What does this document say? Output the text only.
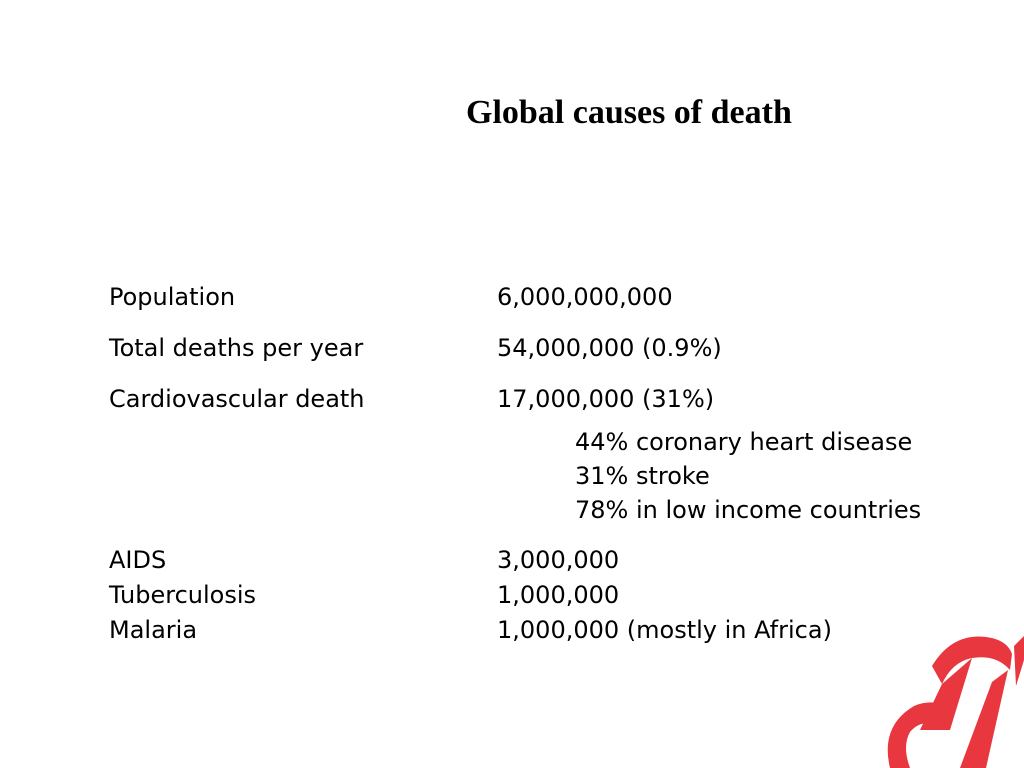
Global causes of death
Population	6,000,000,000
Total deaths per year	54,000,000 (0.9%)
Cardiovascular death	17,000,000 (31%)
44% coronary heart disease
31% stroke
78% in low income countries
AIDS	3,000,000
Tuberculosis	1,000,000
Malaria	1,000,000 (mostly in Africa)
